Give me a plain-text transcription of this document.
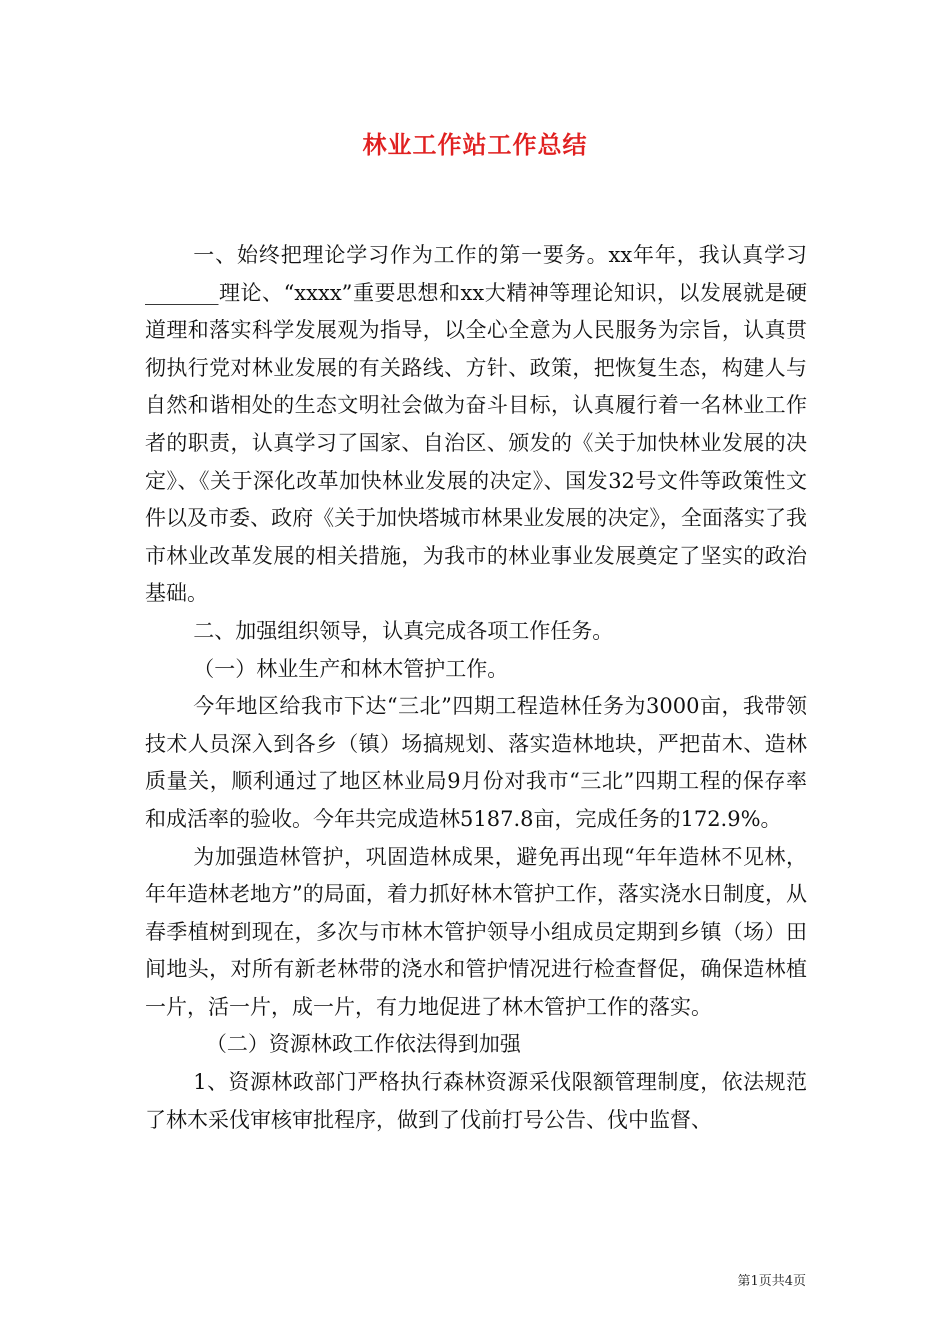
林业工作站工作总结

一、始终把理论学习作为工作的第一要务。xx年年，我认真学习_______理论、“xxxx”重要思想和xx大精神等理论知识，以发展就是硬道理和落实科学发展观为指导，以全心全意为人民服务为宗旨，认真贯彻执行党对林业发展的有关路线、方针、政策，把恢复生态，构建人与自然和谐相处的生态文明社会做为奋斗目标，认真履行着一名林业工作者的职责，认真学习了国家、自治区、颁发的《关于加快林业发展的决定》、《关于深化改革加快林业发展的决定》、国发32号文件等政策性文件以及市委、政府《关于加快塔城市林果业发展的决定》，全面落实了我市林业改革发展的相关措施，为我市的林业事业发展奠定了坚实的政治基础。

二、加强组织领导，认真完成各项工作任务。

（一）林业生产和林木管护工作。

今年地区给我市下达“三北”四期工程造林任务为3000亩，我带领技术人员深入到各乡（镇）场搞规划、落实造林地块，严把苗木、造林质量关，顺利通过了地区林业局9月份对我市“三北”四期工程的保存率和成活率的验收。今年共完成造林5187.8亩，完成任务的172.9%。

为加强造林管护，巩固造林成果，避免再出现“年年造林不见林，年年造林老地方”的局面，着力抓好林木管护工作，落实浇水日制度，从春季植树到现在，多次与市林木管护领导小组成员定期到乡镇（场）田间地头，对所有新老林带的浇水和管护情况进行检查督促，确保造林植一片，活一片，成一片，有力地促进了林木管护工作的落实。

（二）资源林政工作依法得到加强

1、资源林政部门严格执行森林资源采伐限额管理制度，依法规范了林木采伐审核审批程序，做到了伐前打号公告、伐中监督、

第1页共4页
